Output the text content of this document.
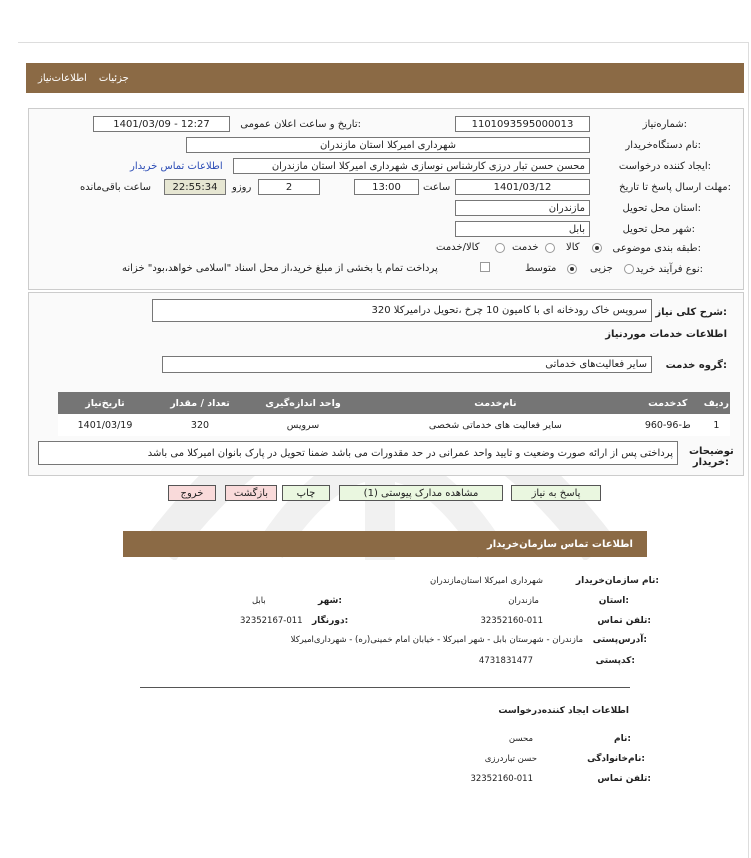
جزئیات
اطلاعات‌نیاز
شماره‌نیاز:
1101093595000013
تاریخ و ساعت اعلان عمومی:
1401/03/09 - 12:27
نام دستگاه‌خریدار:
شهرداری امیرکلا استان مازندران
ایجاد کننده درخواست:
محسن حسن تبار درزی کارشناس نوسازی شهرداری امیرکلا استان مازندران
اطلاعات تماس خریدار
مهلت ارسال پاسخ تا تاریخ:
1401/03/12
ساعت
13:00
2
روزو
22:55:34
ساعت باقی‌مانده
استان محل تحویل:
مازندران
شهر محل تحویل:
بابل
طبقه بندی موضوعی:
کالا
خدمت
کالا/خدمت
نوع فرآیند خرید:
جزیی
متوسط
پرداخت تمام یا بخشی از مبلغ خرید،از محل اسناد "اسلامی خواهد،بود" خزانه
شرح کلی نیاز:
320 سرویس خاک رودخانه ای با کامیون 10 چرخ ،تحویل درامیرکلا
اطلاعات خدمات موردنیاز
گروه خدمت:
سایر فعالیت‌های خدماتی
ردیف	کدخدمت	نام‌خدمت	واحد اندازه‌گیری	تعداد / مقدار	تاریخ‌نیاز
1	ط-96-960	سایر فعالیت های خدماتی شخصی	سرویس	320	1401/03/19
توضیحات خریدار:
پرداختی پس از ارائه صورت وضعیت و تایید واحد عمرانی در حد مقدورات می باشد ضمنا تحویل در پارک بانوان امیرکلا می باشد
پاسخ به نیاز
مشاهده مدارک پیوستی (1)
چاپ
بازگشت
خروج
اطلاعات تماس سازمان‌خریدار
نام سازمان‌خریدار:
شهرداری امیرکلا استان‌مازندران
استان:
مازندران
شهر:
بابل
تلفن تماس:
32352160-011
دورنگار:
32352167-011
آدرس‌پستی:
مازندران - شهرستان بابل - شهر امیرکلا - خیابان امام خمینی(ره) - شهرداری‌امیرکلا
کدپستی:
4731831477
اطلاعات ایجاد کننده‌درخواست
نام:
محسن
نام‌خانوادگی:
حسن تبار‌درزی
تلفن تماس:
32352160-011
